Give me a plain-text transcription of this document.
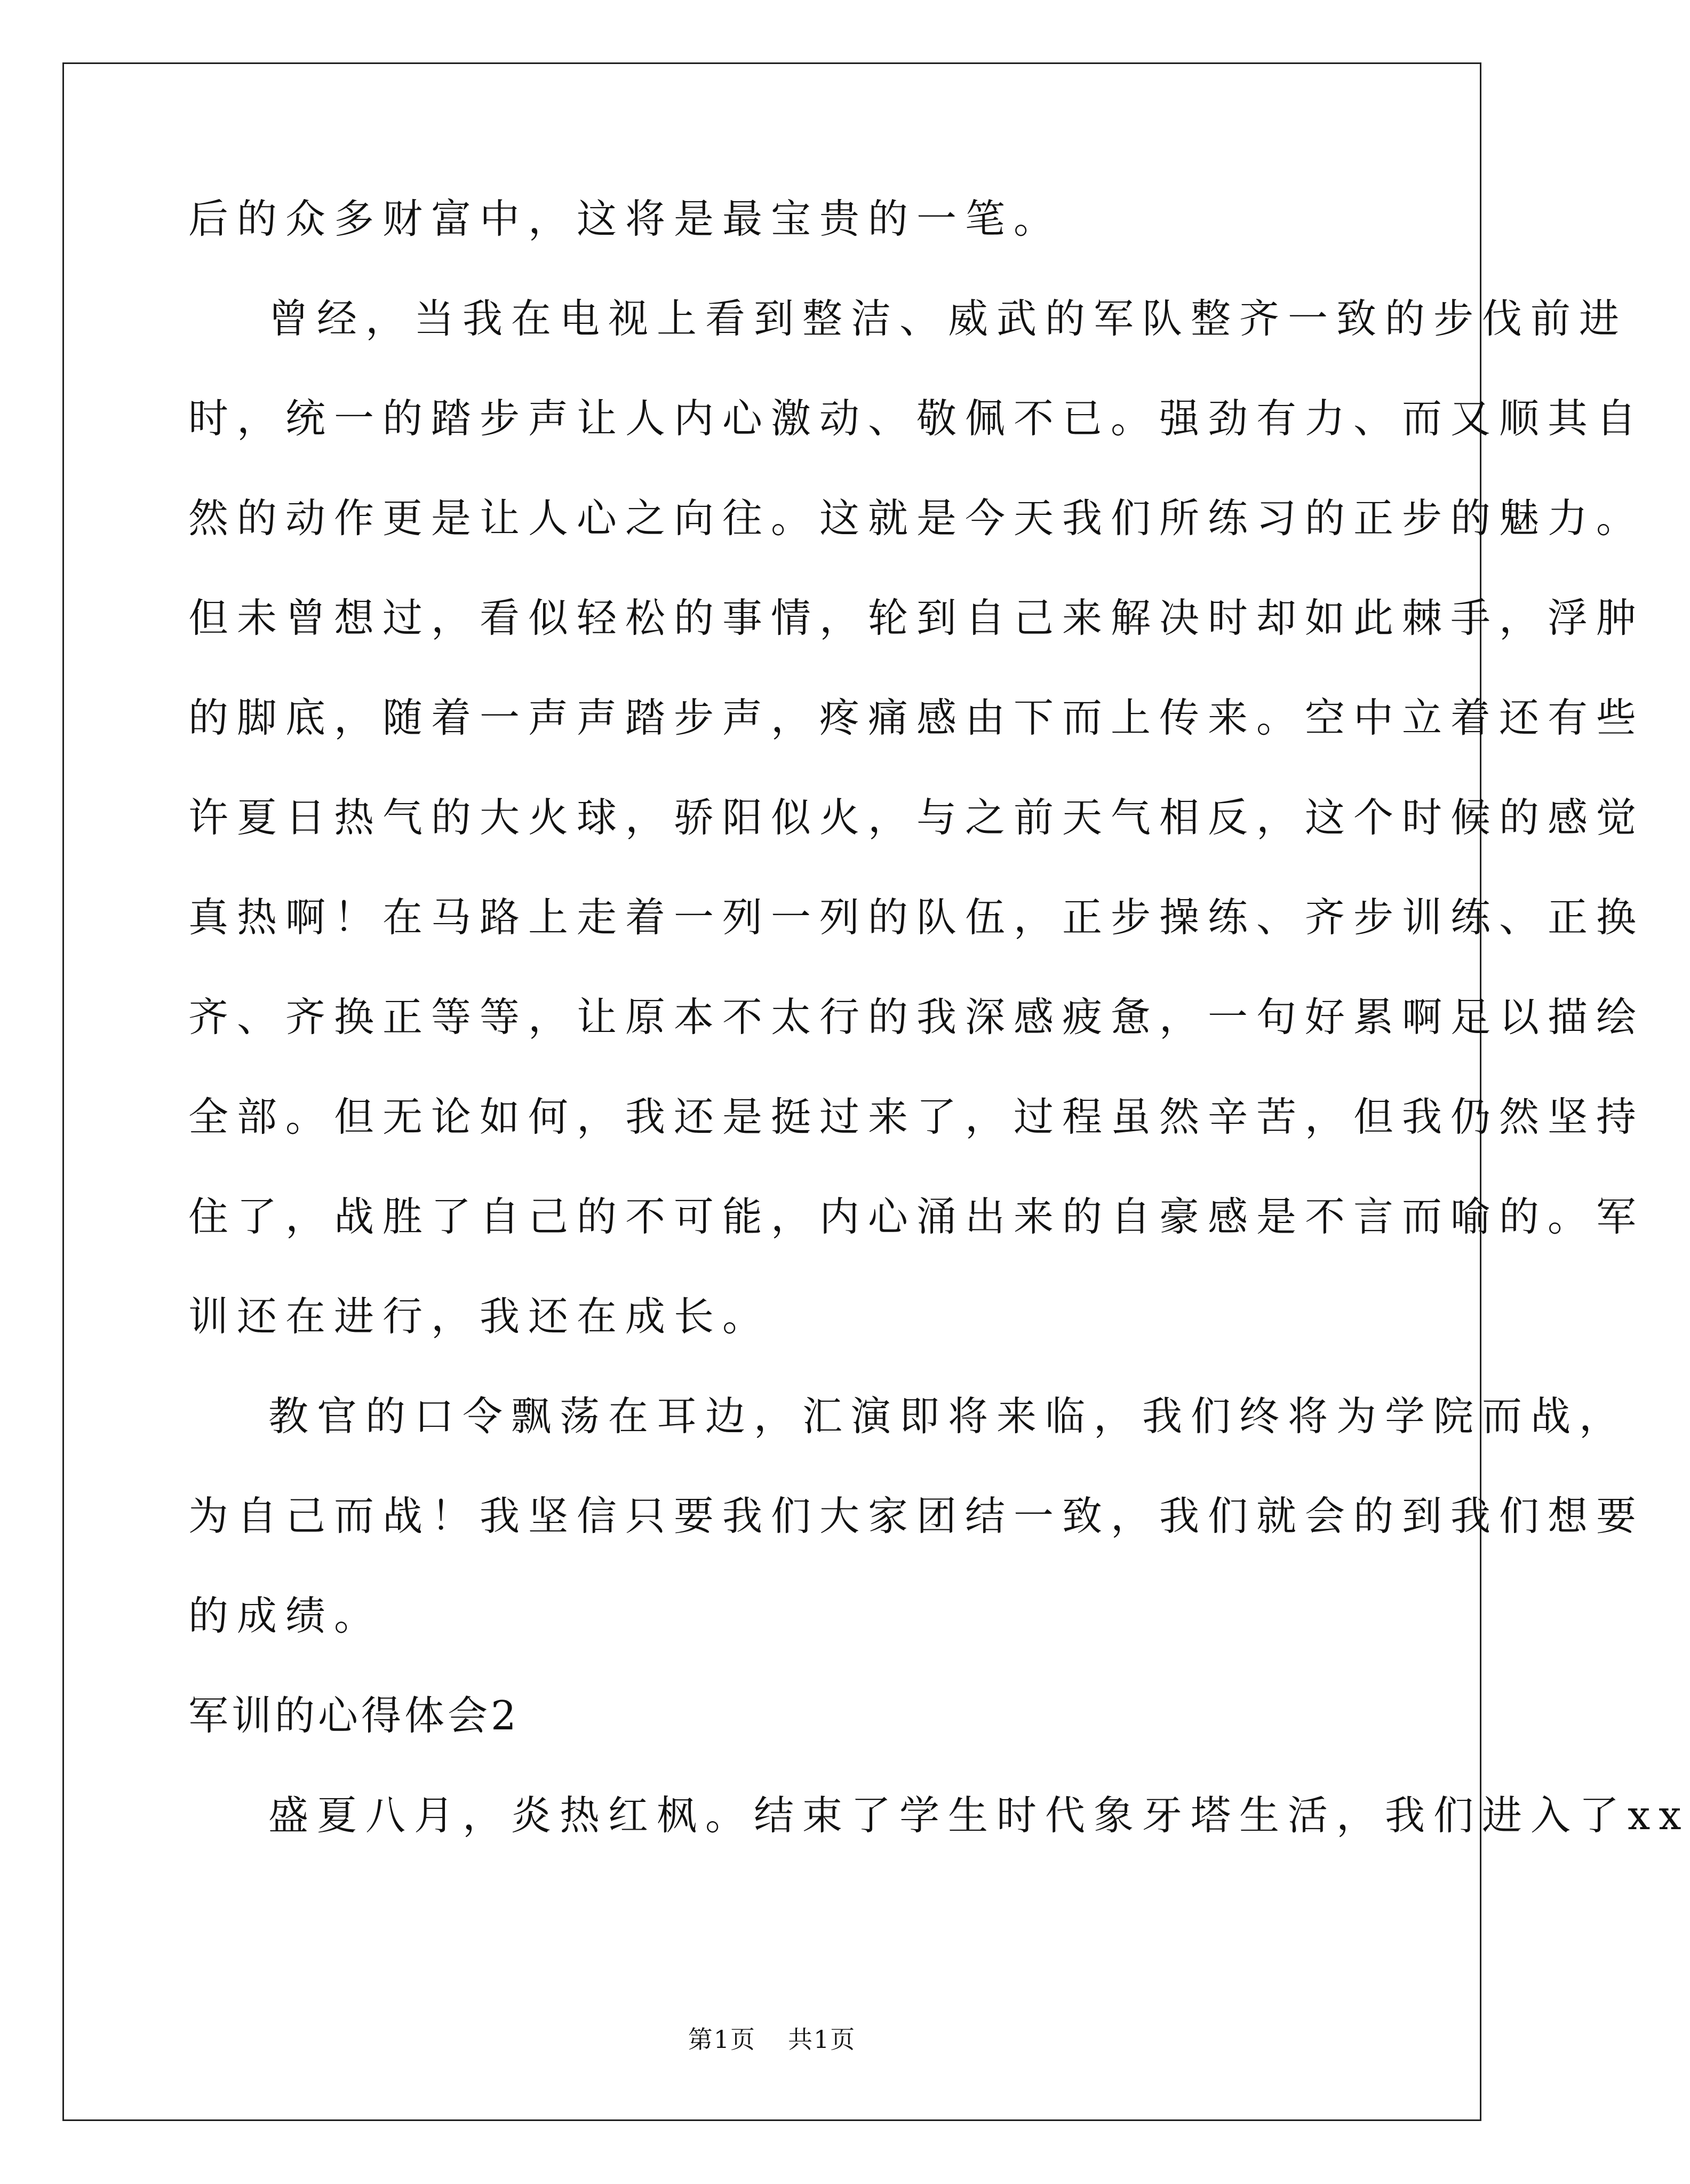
后的众多财富中，这将是最宝贵的一笔。
曾经，当我在电视上看到整洁、威武的军队整齐一致的步伐前进
时，统一的踏步声让人内心激动、敬佩不已。强劲有力、而又顺其自
然的动作更是让人心之向往。这就是今天我们所练习的正步的魅力。
但未曾想过，看似轻松的事情，轮到自己来解决时却如此棘手，浮肿
的脚底，随着一声声踏步声，疼痛感由下而上传来。空中立着还有些
许夏日热气的大火球，骄阳似火，与之前天气相反，这个时候的感觉
真热啊！在马路上走着一列一列的队伍，正步操练、齐步训练、正换
齐、齐换正等等，让原本不太行的我深感疲惫，一句好累啊足以描绘
全部。但无论如何，我还是挺过来了，过程虽然辛苦，但我仍然坚持
住了，战胜了自己的不可能，内心涌出来的自豪感是不言而喻的。军
训还在进行，我还在成长。
教官的口令飘荡在耳边，汇演即将来临，我们终将为学院而战，
为自己而战！我坚信只要我们大家团结一致，我们就会的到我们想要
的成绩。
军训的心得体会2
盛夏八月，炎热红枫。结束了学生时代象牙塔生活，我们进入了xx
第1页 共1页
